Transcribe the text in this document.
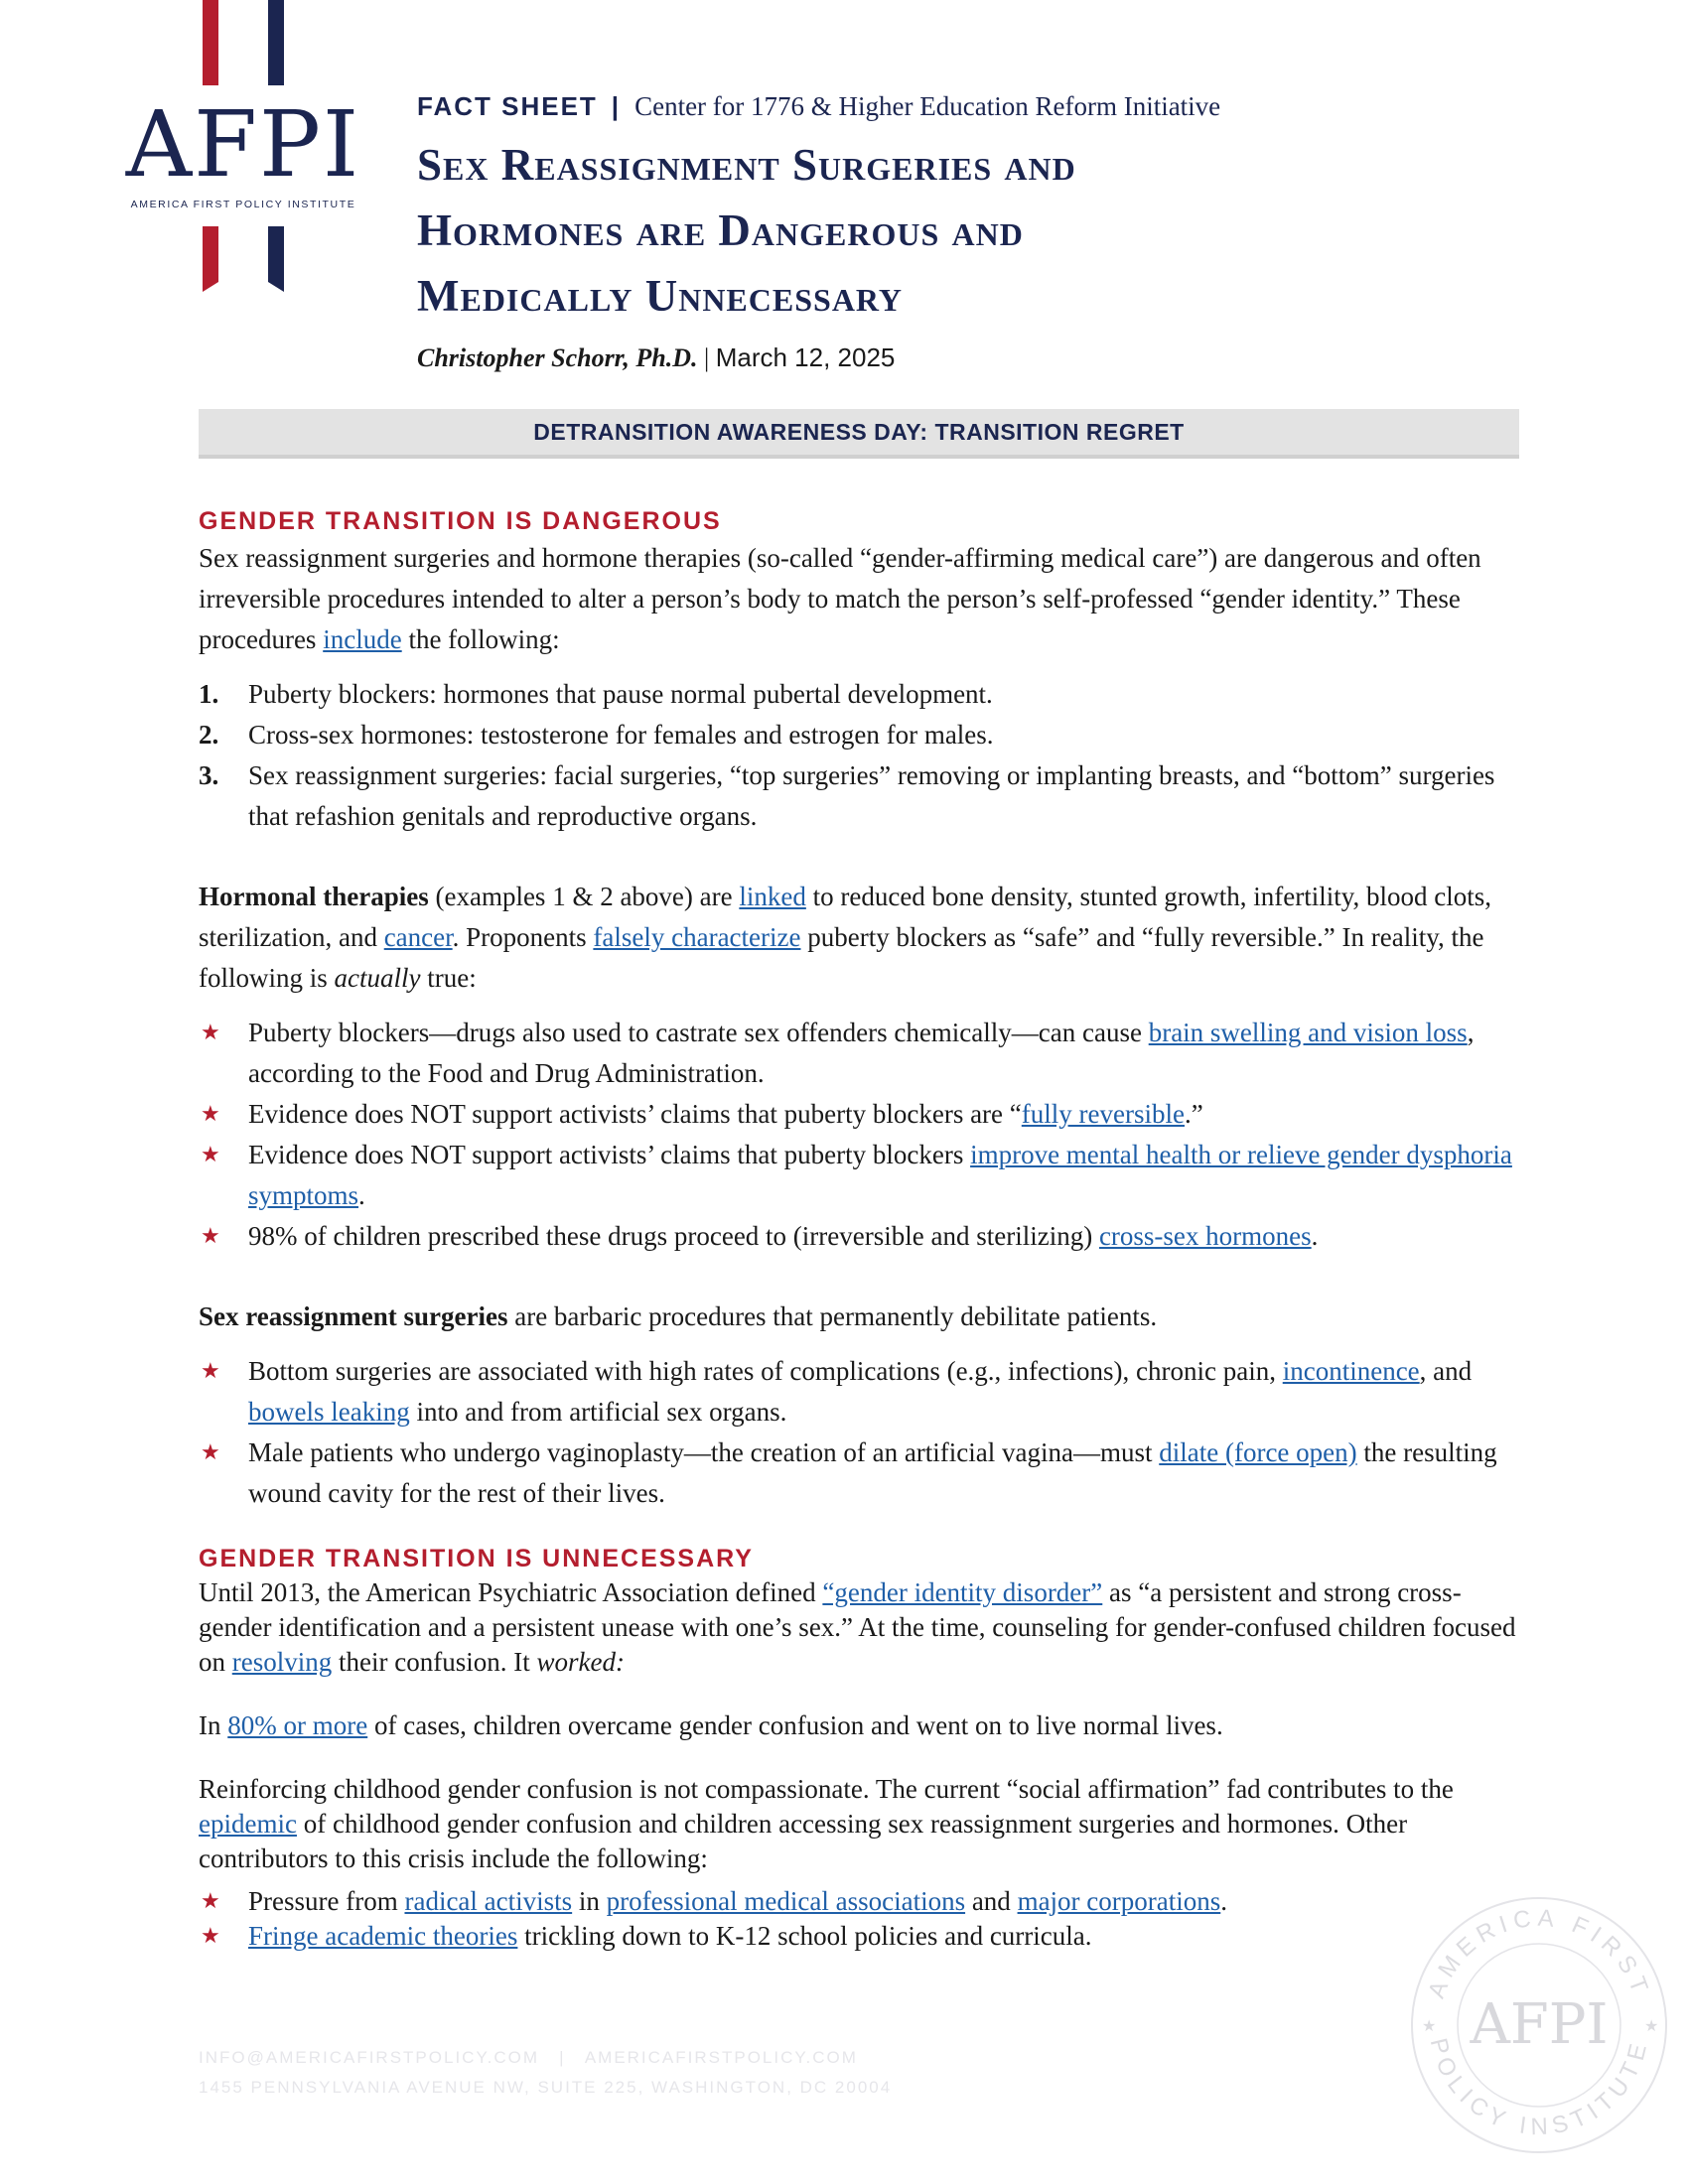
AFPI
AMERICA FIRST POLICY INSTITUTE
FACT SHEET | Center for 1776 & Higher Education Reform Initiative
Sex Reassignment Surgeries and
Hormones are Dangerous and
Medically Unnecessary
Christopher Schorr, Ph.D. | March 12, 2025
DETRANSITION AWARENESS DAY: TRANSITION REGRET
GENDER TRANSITION IS DANGEROUS

Sex reassignment surgeries and hormone therapies (so-called “gender-affirming medical care”) are dangerous and often irreversible procedures intended to alter a person’s body to match the person’s self-professed “gender identity.” These procedures include the following:

1. Puberty blockers: hormones that pause normal pubertal development.
2. Cross-sex hormones: testosterone for females and estrogen for males.
3. Sex reassignment surgeries: facial surgeries, “top surgeries” removing or implanting breasts, and “bottom” surgeries that refashion genitals and reproductive organs.

Hormonal therapies (examples 1 & 2 above) are linked to reduced bone density, stunted growth, infertility, blood clots, sterilization, and cancer. Proponents falsely characterize puberty blockers as “safe” and “fully reversible.” In reality, the following is actually true:

★ Puberty blockers—drugs also used to castrate sex offenders chemically—can cause brain swelling and vision loss, according to the Food and Drug Administration.
★ Evidence does NOT support activists’ claims that puberty blockers are “fully reversible.”
★ Evidence does NOT support activists’ claims that puberty blockers improve mental health or relieve gender dysphoria symptoms.
★ 98% of children prescribed these drugs proceed to (irreversible and sterilizing) cross-sex hormones.

Sex reassignment surgeries are barbaric procedures that permanently debilitate patients.

★ Bottom surgeries are associated with high rates of complications (e.g., infections), chronic pain, incontinence, and bowels leaking into and from artificial sex organs.
★ Male patients who undergo vaginoplasty—the creation of an artificial vagina—must dilate (force open) the resulting wound cavity for the rest of their lives.
GENDER TRANSITION IS UNNECESSARY

Until 2013, the American Psychiatric Association defined “gender identity disorder” as “a persistent and strong cross-gender identification and a persistent unease with one’s sex.” At the time, counseling for gender-confused children focused on resolving their confusion. It worked:

In 80% or more of cases, children overcame gender confusion and went on to live normal lives.

Reinforcing childhood gender confusion is not compassionate. The current “social affirmation” fad contributes to the epidemic of childhood gender confusion and children accessing sex reassignment surgeries and hormones. Other contributors to this crisis include the following:

★ Pressure from radical activists in professional medical associations and major corporations.
★ Fringe academic theories trickling down to K-12 school policies and curricula.
INFO@AMERICAFIRSTPOLICY.COM | AMERICAFIRSTPOLICY.COM
1455 PENNSYLVANIA AVENUE NW, SUITE 225, WASHINGTON, DC 20004
AMERICA FIRST
POLICY INSTITUTE
AFPI
★	★
